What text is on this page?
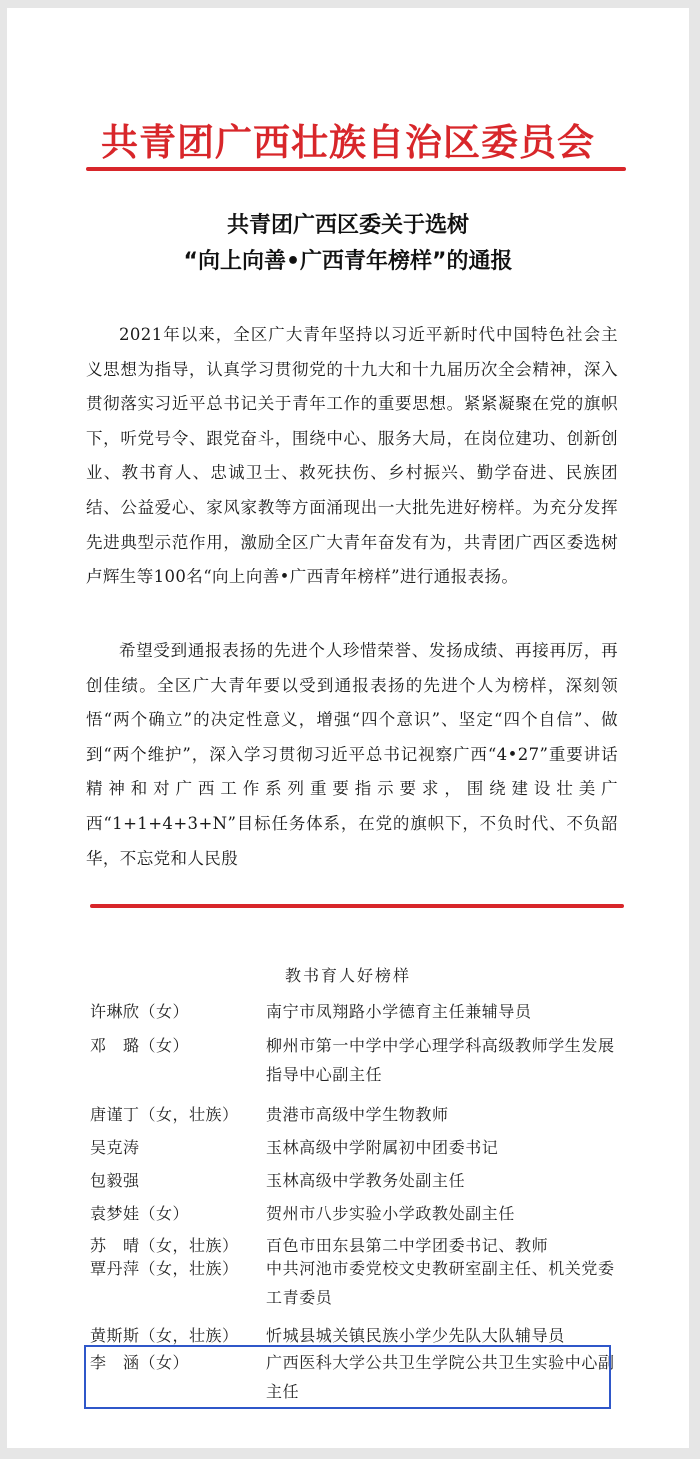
共青团广西壮族自治区委员会
共青团广西区委关于选树
“向上向善•广西青年榜样”的通报
2021年以来，全区广大青年坚持以习近平新时代中国特色社会主义思想为指导，认真学习贯彻党的十九大和十九届历次全会精神，深入贯彻落实习近平总书记关于青年工作的重要思想。紧紧凝聚在党的旗帜下，听党号令、跟党奋斗，围绕中心、服务大局，在岗位建功、创新创业、教书育人、忠诚卫士、救死扶伤、乡村振兴、勤学奋进、民族团结、公益爱心、家风家教等方面涌现出一大批先进好榜样。为充分发挥先进典型示范作用，激励全区广大青年奋发有为，共青团广西区委选树卢辉生等100名“向上向善•广西青年榜样”进行通报表扬。
希望受到通报表扬的先进个人珍惜荣誉、发扬成绩、再接再厉，再创佳绩。全区广大青年要以受到通报表扬的先进个人为榜样，深刻领悟“两个确立”的决定性意义，增强“四个意识”、坚定“四个自信”、做到“两个维护”，深入学习贯彻习近平总书记视察广西“4•27”重要讲话精神和对广西工作系列重要指示要求，围绕建设壮美广西“1+1+4+3+N”目标任务体系，在党的旗帜下，不负时代、不负韶华，不忘党和人民殷
教书育人好榜样
许琳欣（女）	南宁市凤翔路小学德育主任兼辅导员
邓　璐（女）	柳州市第一中学中学心理学科高级教师学生发展指导中心副主任
唐谨丁（女，壮族）	贵港市高级中学生物教师
吴克涛	玉林高级中学附属初中团委书记
包毅强	玉林高级中学教务处副主任
袁梦娃（女）	贺州市八步实验小学政教处副主任
苏　晴（女，壮族）	百色市田东县第二中学团委书记、教师
覃丹萍（女，壮族）	中共河池市委党校文史教研室副主任、机关党委工青委员
黄斯斯（女，壮族）	忻城县城关镇民族小学少先队大队辅导员
李　涵（女）	广西医科大学公共卫生学院公共卫生实验中心副主任
